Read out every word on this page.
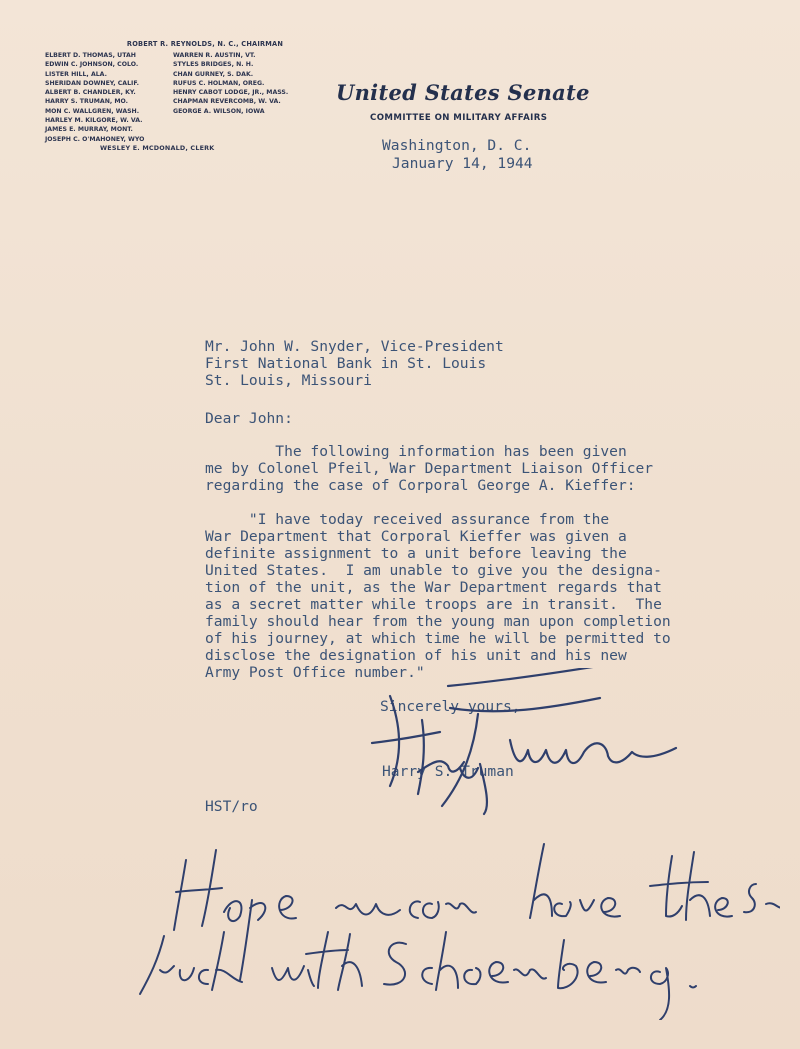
ROBERT R. REYNOLDS, N. C., CHAIRMAN
ELBERT D. THOMAS, UTAH	WARREN R. AUSTIN, VT.
EDWIN C. JOHNSON, COLO.	STYLES BRIDGES, N. H.
LISTER HILL, ALA.	CHAN GURNEY, S. DAK.
SHERIDAN DOWNEY, CALIF.	RUFUS C. HOLMAN, OREG.
ALBERT B. CHANDLER, KY.	HENRY CABOT LODGE, JR., MASS.
HARRY S. TRUMAN, MO.	CHAPMAN REVERCOMB, W. VA.
MON C. WALLGREN, WASH.	GEORGE A. WILSON, IOWA
HARLEY M. KILGORE, W. VA.
JAMES E. MURRAY, MONT.
JOSEPH C. O'MAHONEY, WYO
WESLEY E. MCDONALD, CLERK
United States Senate
COMMITTEE ON MILITARY AFFAIRS
Washington, D. C.
January 14, 1944
Mr. John W. Snyder, Vice-President
First National Bank in St. Louis
St. Louis, Missouri
Dear John:
The following information has been given
me by Colonel Pfeil, War Department Liaison Officer
regarding the case of Corporal George A. Kieffer:
"I have today received assurance from the
War Department that Corporal Kieffer was given a
definite assignment to a unit before leaving the
United States.  I am unable to give you the designa-
tion of the unit, as the War Department regards that
as a secret matter while troops are in transit.  The
family should hear from the young man upon completion
of his journey, at which time he will be permitted to
disclose the designation of his unit and his new
Army Post Office number."
Sincerely yours,
Harry S. Truman
HST/ro
